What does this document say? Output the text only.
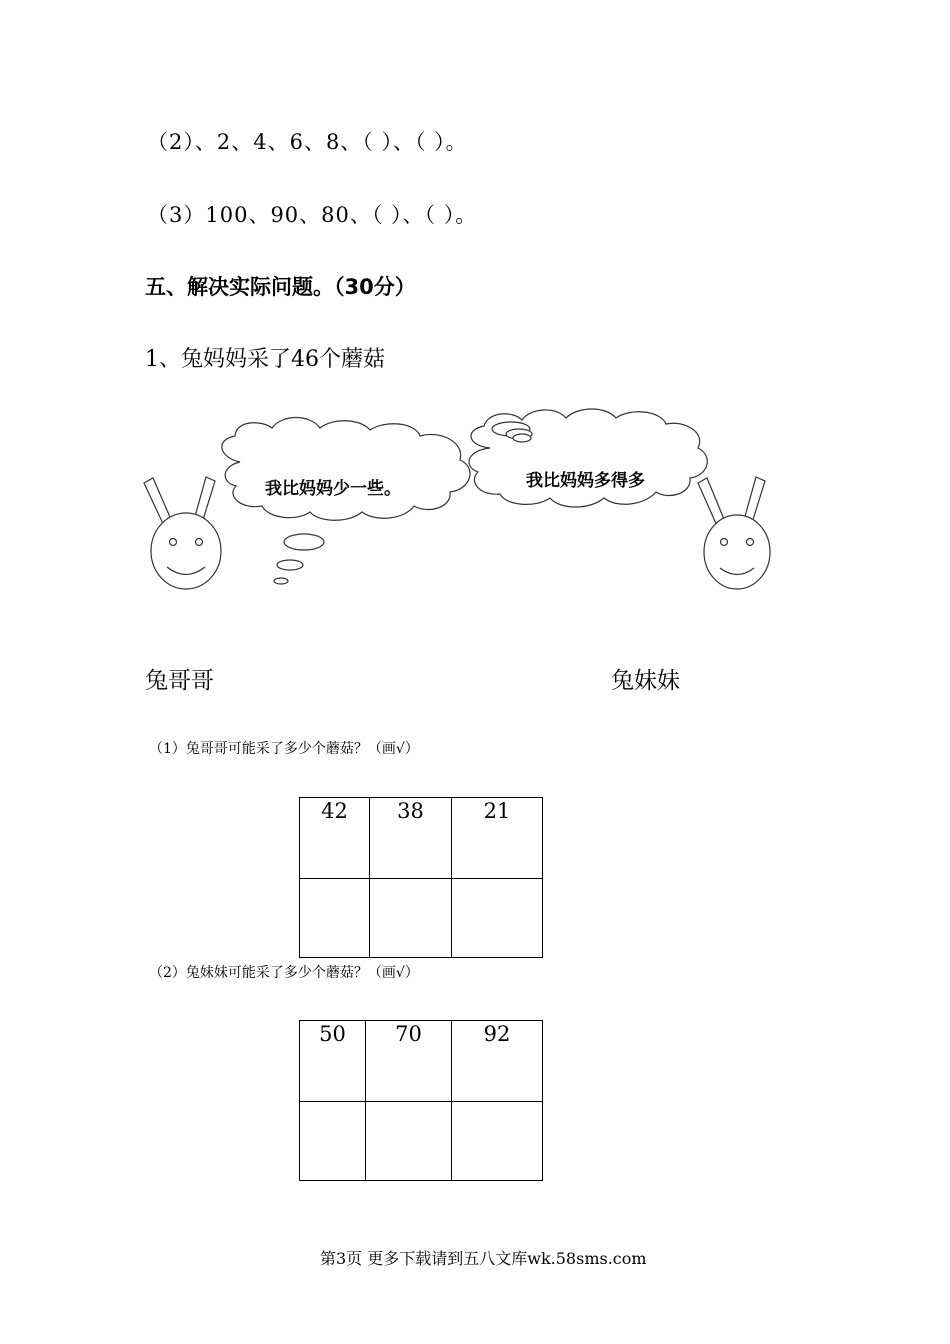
（2）、2、4、6、8、（ ）、（ ）。
（3）100、90、80、（ ）、（ ）。
五、解决实际问题。（30分）
1、兔妈妈采了46个蘑菇
我比妈妈少一些。	我比妈妈多得多
兔哥哥	兔妹妹
（1）兔哥哥可能采了多少个蘑菇？（画√）
42	38	21

（2）兔妹妹可能采了多少个蘑菇？（画√）
50	70	92

第3页 更多下载请到五八文库wk.58sms.com
